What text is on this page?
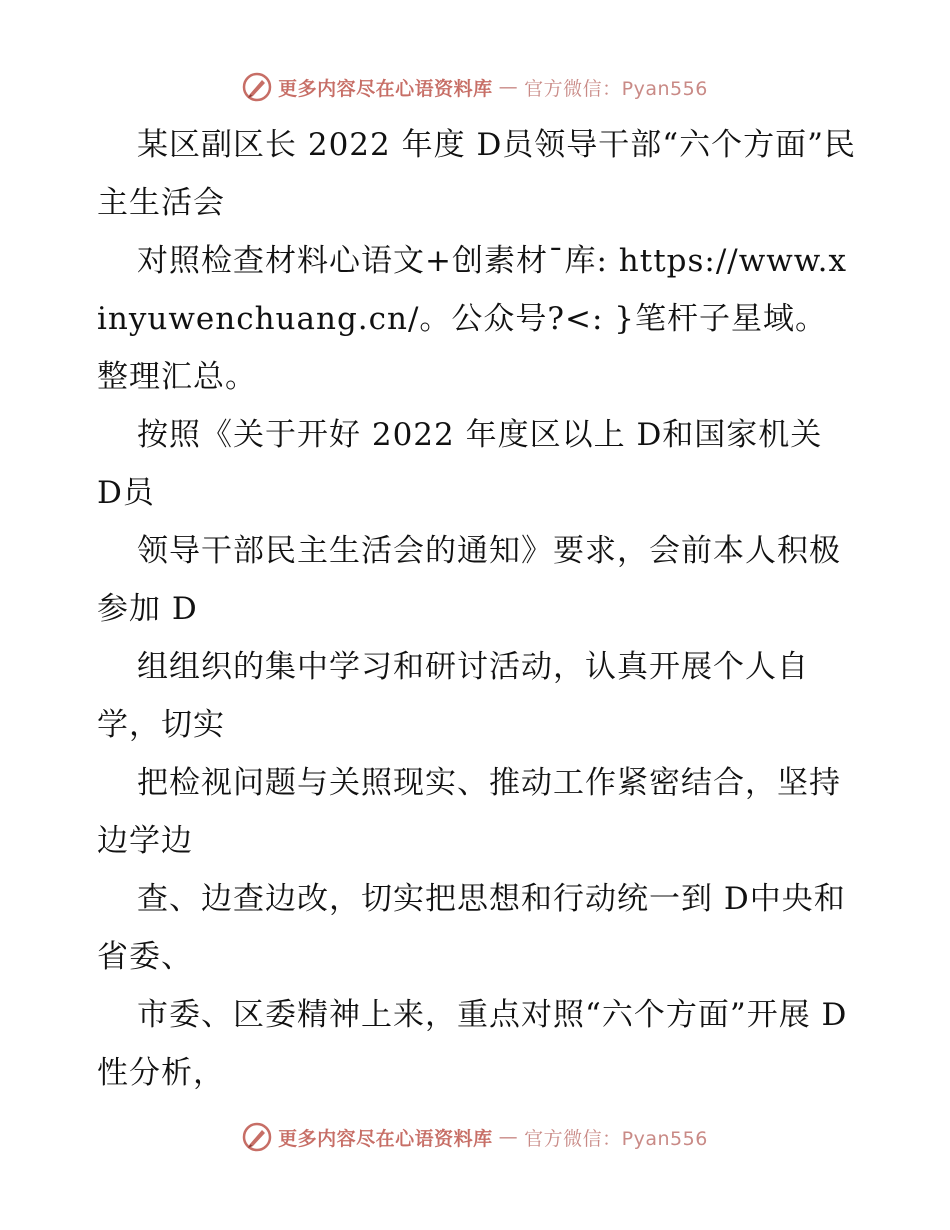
更多内容尽在心语资料库 — 官方微信：Pyan556

某区副区长 2022 年度 D员领导干部“六个方面”民主生活会

对照检查材料心语文+创素材¯库: https://www.xinyuwenchuang.cn/。公众号?<: }笔杆子星域。整理汇总。

按照《关于开好 2022 年度区以上 D和国家机关 D员

领导干部民主生活会的通知》要求，会前本人积极参加 D

组组织的集中学习和研讨活动，认真开展个人自学，切实

把检视问题与关照现实、推动工作紧密结合，坚持边学边

查、边查边改，切实把思想和行动统一到 D中央和省委、

市委、区委精神上来，重点对照“六个方面”开展 D性分析，

更多内容尽在心语资料库 — 官方微信：Pyan556
